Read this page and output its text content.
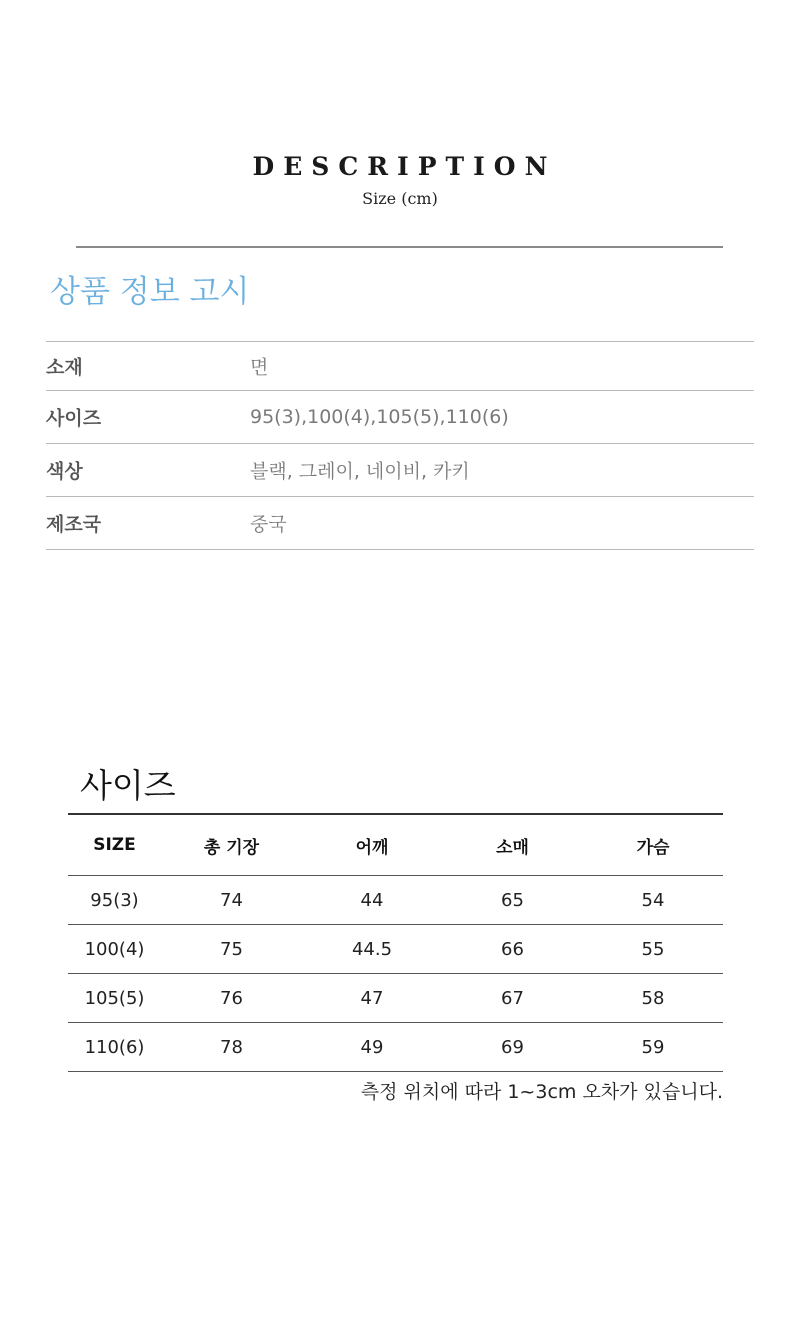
DESCRIPTION
Size (cm)
상품 정보 고시
소재	면
사이즈	95(3),100(4),105(5),110(6)
색상	블랙, 그레이, 네이비, 카키
제조국	중국
사이즈
SIZE	총 기장	어깨	소매	가슴
95(3)	74	44	65	54
100(4)	75	44.5	66	55
105(5)	76	47	67	58
110(6)	78	49	69	59
측정 위치에 따라 1~3cm 오차가 있습니다.
